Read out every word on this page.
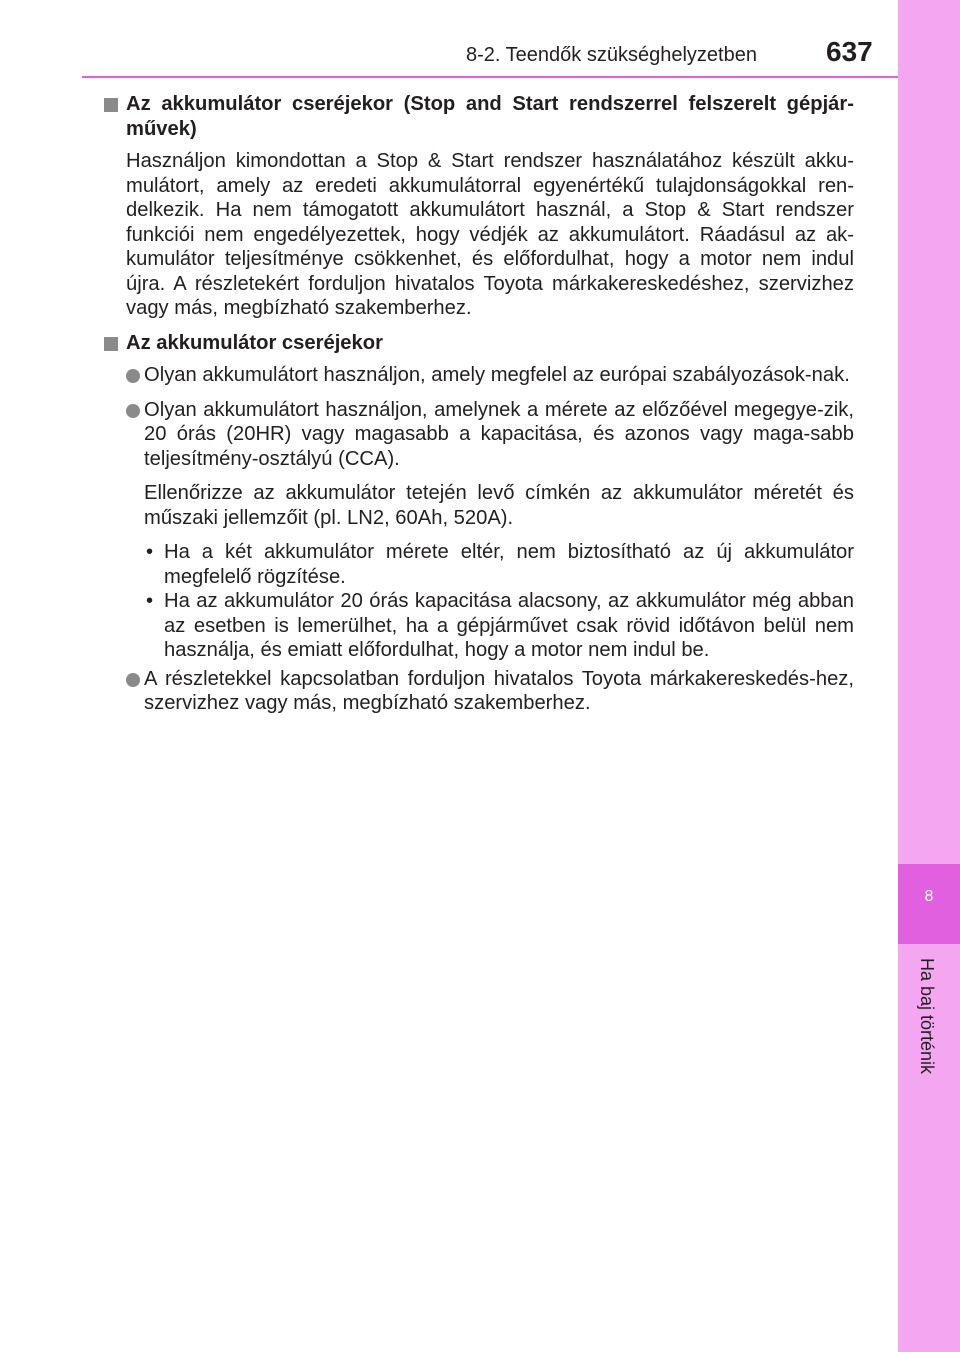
8
Ha baj történik
8-2. Teendők szükséghelyzetben 637
Az akkumulátor cseréjekor (Stop and Start rendszerrel felszerelt gépjár-művek)

Használjon kimondottan a Stop & Start rendszer használatához készült akku-mulátort, amely az eredeti akkumulátorral egyenértékű tulajdonságokkal ren-delkezik. Ha nem támogatott akkumulátort használ, a Stop & Start rendszer funkciói nem engedélyezettek, hogy védjék az akkumulátort. Ráadásul az ak-kumulátor teljesítménye csökkenhet, és előfordulhat, hogy a motor nem indul újra. A részletekért forduljon hivatalos Toyota márkakereskedéshez, szervizhez vagy más, megbízható szakemberhez.

Az akkumulátor cseréjekor
Olyan akkumulátort használjon, amely megfelel az európai szabályozások-nak.
Olyan akkumulátort használjon, amelynek a mérete az előzőével megegye-zik, 20 órás (20HR) vagy magasabb a kapacitása, és azonos vagy maga-sabb teljesítmény-osztályú (CCA).

Ellenőrizze az akkumulátor tetején levő címkén az akkumulátor méretét és műszaki jellemzőit (pl. LN2, 60Ah, 520A).

• Ha a két akkumulátor mérete eltér, nem biztosítható az új akkumulátor megfelelő rögzítése.
• Ha az akkumulátor 20 órás kapacitása alacsony, az akkumulátor még abban az esetben is lemerülhet, ha a gépjárművet csak rövid időtávon belül nem használja, és emiatt előfordulhat, hogy a motor nem indul be.
A részletekkel kapcsolatban forduljon hivatalos Toyota márkakereskedés-hez, szervizhez vagy más, megbízható szakemberhez.
